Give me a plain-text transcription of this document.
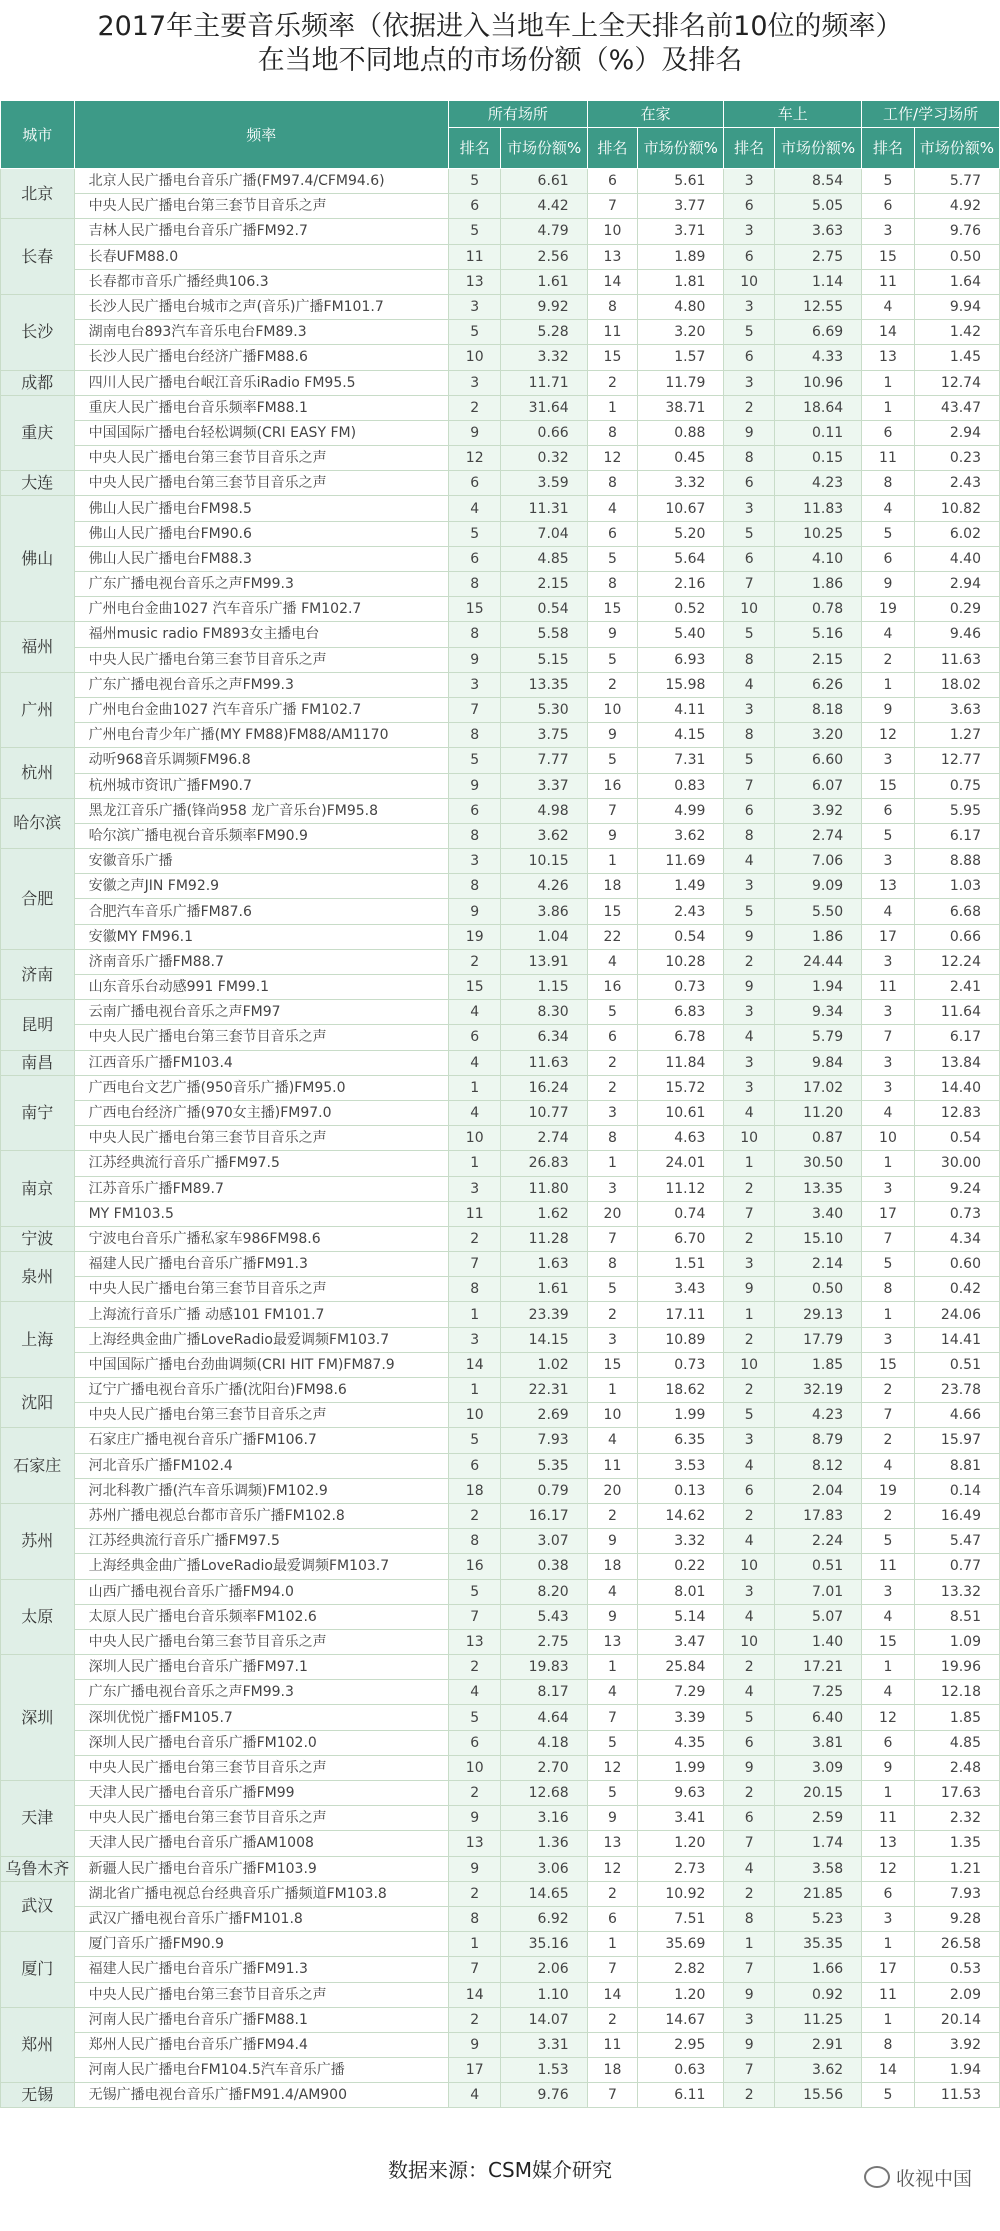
2017年主要音乐频率（依据进入当地车上全天排名前10位的频率）
在当地不同地点的市场份额（%）及排名
城市	频率	所有场所		在家		车上		工作/学习场所	
		排名	市场份额%	排名	市场份额%	排名	市场份额%	排名	市场份额%
北京	北京人民广播电台音乐广播(FM97.4/CFM94.6)	5	6.61	6	5.61	3	8.54	5	5.77
	中央人民广播电台第三套节目音乐之声	6	4.42	7	3.77	6	5.05	6	4.92
长春	吉林人民广播电台音乐广播FM92.7	5	4.79	10	3.71	3	3.63	3	9.76
	长春UFM88.0	11	2.56	13	1.89	6	2.75	15	0.50
	长春都市音乐广播经典106.3	13	1.61	14	1.81	10	1.14	11	1.64
长沙	长沙人民广播电台城市之声(音乐)广播FM101.7	3	9.92	8	4.80	3	12.55	4	9.94
	湖南电台893汽车音乐电台FM89.3	5	5.28	11	3.20	5	6.69	14	1.42
	长沙人民广播电台经济广播FM88.6	10	3.32	15	1.57	6	4.33	13	1.45
成都	四川人民广播电台岷江音乐iRadio FM95.5	3	11.71	2	11.79	3	10.96	1	12.74
重庆	重庆人民广播电台音乐频率FM88.1	2	31.64	1	38.71	2	18.64	1	43.47
	中国国际广播电台轻松调频(CRI EASY FM)	9	0.66	8	0.88	9	0.11	6	2.94
	中央人民广播电台第三套节目音乐之声	12	0.32	12	0.45	8	0.15	11	0.23
大连	中央人民广播电台第三套节目音乐之声	6	3.59	8	3.32	6	4.23	8	2.43
佛山	佛山人民广播电台FM98.5	4	11.31	4	10.67	3	11.83	4	10.82
	佛山人民广播电台FM90.6	5	7.04	6	5.20	5	10.25	5	6.02
	佛山人民广播电台FM88.3	6	4.85	5	5.64	6	4.10	6	4.40
	广东广播电视台音乐之声FM99.3	8	2.15	8	2.16	7	1.86	9	2.94
	广州电台金曲1027 汽车音乐广播 FM102.7	15	0.54	15	0.52	10	0.78	19	0.29
福州	福州music radio FM893女主播电台	8	5.58	9	5.40	5	5.16	4	9.46
	中央人民广播电台第三套节目音乐之声	9	5.15	5	6.93	8	2.15	2	11.63
广州	广东广播电视台音乐之声FM99.3	3	13.35	2	15.98	4	6.26	1	18.02
	广州电台金曲1027 汽车音乐广播 FM102.7	7	5.30	10	4.11	3	8.18	9	3.63
	广州电台青少年广播(MY FM88)FM88/AM1170	8	3.75	9	4.15	8	3.20	12	1.27
杭州	动听968音乐调频FM96.8	5	7.77	5	7.31	5	6.60	3	12.77
	杭州城市资讯广播FM90.7	9	3.37	16	0.83	7	6.07	15	0.75
哈尔滨	黑龙江音乐广播(锋尚958 龙广音乐台)FM95.8	6	4.98	7	4.99	6	3.92	6	5.95
	哈尔滨广播电视台音乐频率FM90.9	8	3.62	9	3.62	8	2.74	5	6.17
合肥	安徽音乐广播	3	10.15	1	11.69	4	7.06	3	8.88
	安徽之声JIN FM92.9	8	4.26	18	1.49	3	9.09	13	1.03
	合肥汽车音乐广播FM87.6	9	3.86	15	2.43	5	5.50	4	6.68
	安徽MY FM96.1	19	1.04	22	0.54	9	1.86	17	0.66
济南	济南音乐广播FM88.7	2	13.91	4	10.28	2	24.44	3	12.24
	山东音乐台动感991 FM99.1	15	1.15	16	0.73	9	1.94	11	2.41
昆明	云南广播电视台音乐之声FM97	4	8.30	5	6.83	3	9.34	3	11.64
	中央人民广播电台第三套节目音乐之声	6	6.34	6	6.78	4	5.79	7	6.17
南昌	江西音乐广播FM103.4	4	11.63	2	11.84	3	9.84	3	13.84
南宁	广西电台文艺广播(950音乐广播)FM95.0	1	16.24	2	15.72	3	17.02	3	14.40
	广西电台经济广播(970女主播)FM97.0	4	10.77	3	10.61	4	11.20	4	12.83
	中央人民广播电台第三套节目音乐之声	10	2.74	8	4.63	10	0.87	10	0.54
南京	江苏经典流行音乐广播FM97.5	1	26.83	1	24.01	1	30.50	1	30.00
	江苏音乐广播FM89.7	3	11.80	3	11.12	2	13.35	3	9.24
	MY FM103.5	11	1.62	20	0.74	7	3.40	17	0.73
宁波	宁波电台音乐广播私家车986FM98.6	2	11.28	7	6.70	2	15.10	7	4.34
泉州	福建人民广播电台音乐广播FM91.3	7	1.63	8	1.51	3	2.14	5	0.60
	中央人民广播电台第三套节目音乐之声	8	1.61	5	3.43	9	0.50	8	0.42
上海	上海流行音乐广播 动感101 FM101.7	1	23.39	2	17.11	1	29.13	1	24.06
	上海经典金曲广播LoveRadio最爱调频FM103.7	3	14.15	3	10.89	2	17.79	3	14.41
	中国国际广播电台劲曲调频(CRI HIT FM)FM87.9	14	1.02	15	0.73	10	1.85	15	0.51
沈阳	辽宁广播电视台音乐广播(沈阳台)FM98.6	1	22.31	1	18.62	2	32.19	2	23.78
	中央人民广播电台第三套节目音乐之声	10	2.69	10	1.99	5	4.23	7	4.66
石家庄	石家庄广播电视台音乐广播FM106.7	5	7.93	4	6.35	3	8.79	2	15.97
	河北音乐广播FM102.4	6	5.35	11	3.53	4	8.12	4	8.81
	河北科教广播(汽车音乐调频)FM102.9	18	0.79	20	0.13	6	2.04	19	0.14
苏州	苏州广播电视总台都市音乐广播FM102.8	2	16.17	2	14.62	2	17.83	2	16.49
	江苏经典流行音乐广播FM97.5	8	3.07	9	3.32	4	2.24	5	5.47
	上海经典金曲广播LoveRadio最爱调频FM103.7	16	0.38	18	0.22	10	0.51	11	0.77
太原	山西广播电视台音乐广播FM94.0	5	8.20	4	8.01	3	7.01	3	13.32
	太原人民广播电台音乐频率FM102.6	7	5.43	9	5.14	4	5.07	4	8.51
	中央人民广播电台第三套节目音乐之声	13	2.75	13	3.47	10	1.40	15	1.09
深圳	深圳人民广播电台音乐广播FM97.1	2	19.83	1	25.84	2	17.21	1	19.96
	广东广播电视台音乐之声FM99.3	4	8.17	4	7.29	4	7.25	4	12.18
	深圳优悦广播FM105.7	5	4.64	7	3.39	5	6.40	12	1.85
	深圳人民广播电台音乐广播FM102.0	6	4.18	5	4.35	6	3.81	6	4.85
	中央人民广播电台第三套节目音乐之声	10	2.70	12	1.99	9	3.09	9	2.48
天津	天津人民广播电台音乐广播FM99	2	12.68	5	9.63	2	20.15	1	17.63
	中央人民广播电台第三套节目音乐之声	9	3.16	9	3.41	6	2.59	11	2.32
	天津人民广播电台音乐广播AM1008	13	1.36	13	1.20	7	1.74	13	1.35
乌鲁木齐	新疆人民广播电台音乐广播FM103.9	9	3.06	12	2.73	4	3.58	12	1.21
武汉	湖北省广播电视总台经典音乐广播频道FM103.8	2	14.65	2	10.92	2	21.85	6	7.93
	武汉广播电视台音乐广播FM101.8	8	6.92	6	7.51	8	5.23	3	9.28
厦门	厦门音乐广播FM90.9	1	35.16	1	35.69	1	35.35	1	26.58
	福建人民广播电台音乐广播FM91.3	7	2.06	7	2.82	7	1.66	17	0.53
	中央人民广播电台第三套节目音乐之声	14	1.10	14	1.20	9	0.92	11	2.09
郑州	河南人民广播电台音乐广播FM88.1	2	14.07	2	14.67	3	11.25	1	20.14
	郑州人民广播电台音乐广播FM94.4	9	3.31	11	2.95	9	2.91	8	3.92
	河南人民广播电台FM104.5汽车音乐广播	17	1.53	18	0.63	7	3.62	14	1.94
无锡	无锡广播电视台音乐广播FM91.4/AM900	4	9.76	7	6.11	2	15.56	5	11.53
数据来源：CSM媒介研究	收视中国
